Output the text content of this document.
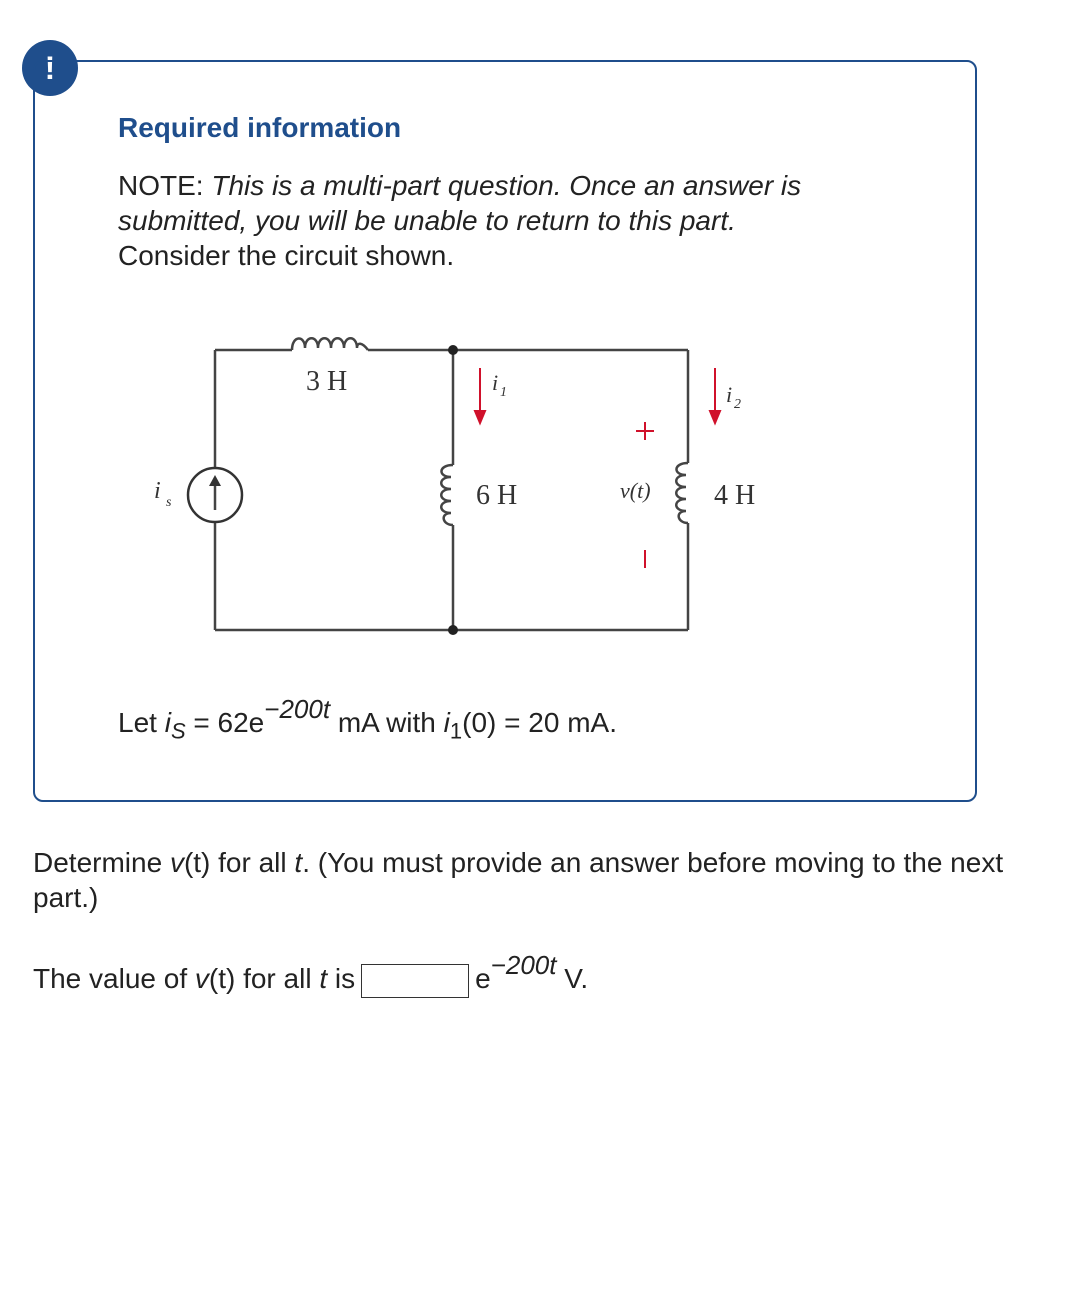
!
Required information

NOTE: This is a multi-part question. Once an answer is submitted, you will be unable to return to this part.
Consider the circuit shown.

3 H
6 H	4 H
v(t)
i s
i 1	i 2
Let $i_S = 62e^{-200t}$ mA with $i_1(0) = 20$ mA.

Determine v(t) for all t. (You must provide an answer before moving to the next part.)

The value of v(t) for all t is	$e^{-200t}$ V.
